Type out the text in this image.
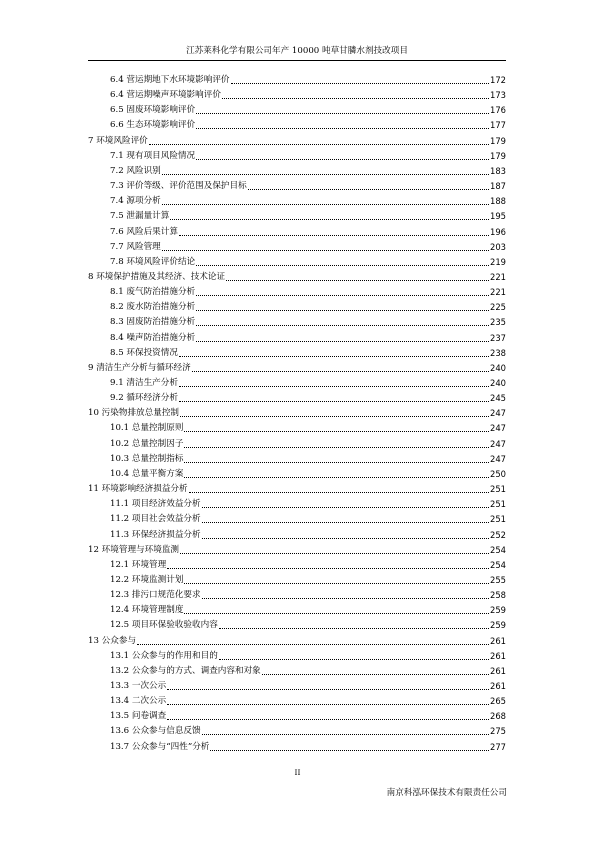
江苏莱科化学有限公司年产 10000 吨草甘膦水剂技改项目
6.4 营运期地下水环境影响评价	172
6.4 营运期噪声环境影响评价	173
6.5 固废环境影响评价	176
6.6 生态环境影响评价	177
7 环境风险评价	179
7.1 现有项目风险情况	179
7.2 风险识别	183
7.3 评价等级、评价范围及保护目标	187
7.4 源项分析	188
7.5 泄漏量计算	195
7.6 风险后果计算	196
7.7 风险管理	203
7.8 环境风险评价结论	219
8 环境保护措施及其经济、技术论证	221
8.1 废气防治措施分析	221
8.2 废水防治措施分析	225
8.3 固废防治措施分析	235
8.4 噪声防治措施分析	237
8.5 环保投资情况	238
9 清洁生产分析与循环经济	240
9.1 清洁生产分析	240
9.2 循环经济分析	245
10 污染物排放总量控制	247
10.1 总量控制原则	247
10.2 总量控制因子	247
10.3 总量控制指标	247
10.4 总量平衡方案	250
11 环境影响经济损益分析	251
11.1 项目经济效益分析	251
11.2 项目社会效益分析	251
11.3 环保经济损益分析	252
12 环境管理与环境监测	254
12.1 环境管理	254
12.2 环境监测计划	255
12.3 排污口规范化要求	258
12.4 环境管理制度	259
12.5 项目环保验收验收内容	259
13 公众参与	261
13.1 公众参与的作用和目的	261
13.2 公众参与的方式、调查内容和对象	261
13.3 一次公示	261
13.4 二次公示	265
13.5 问卷调查	268
13.6 公众参与信息反馈	275
13.7 公众参与“四性”分析	277
II
南京科泓环保技术有限责任公司
